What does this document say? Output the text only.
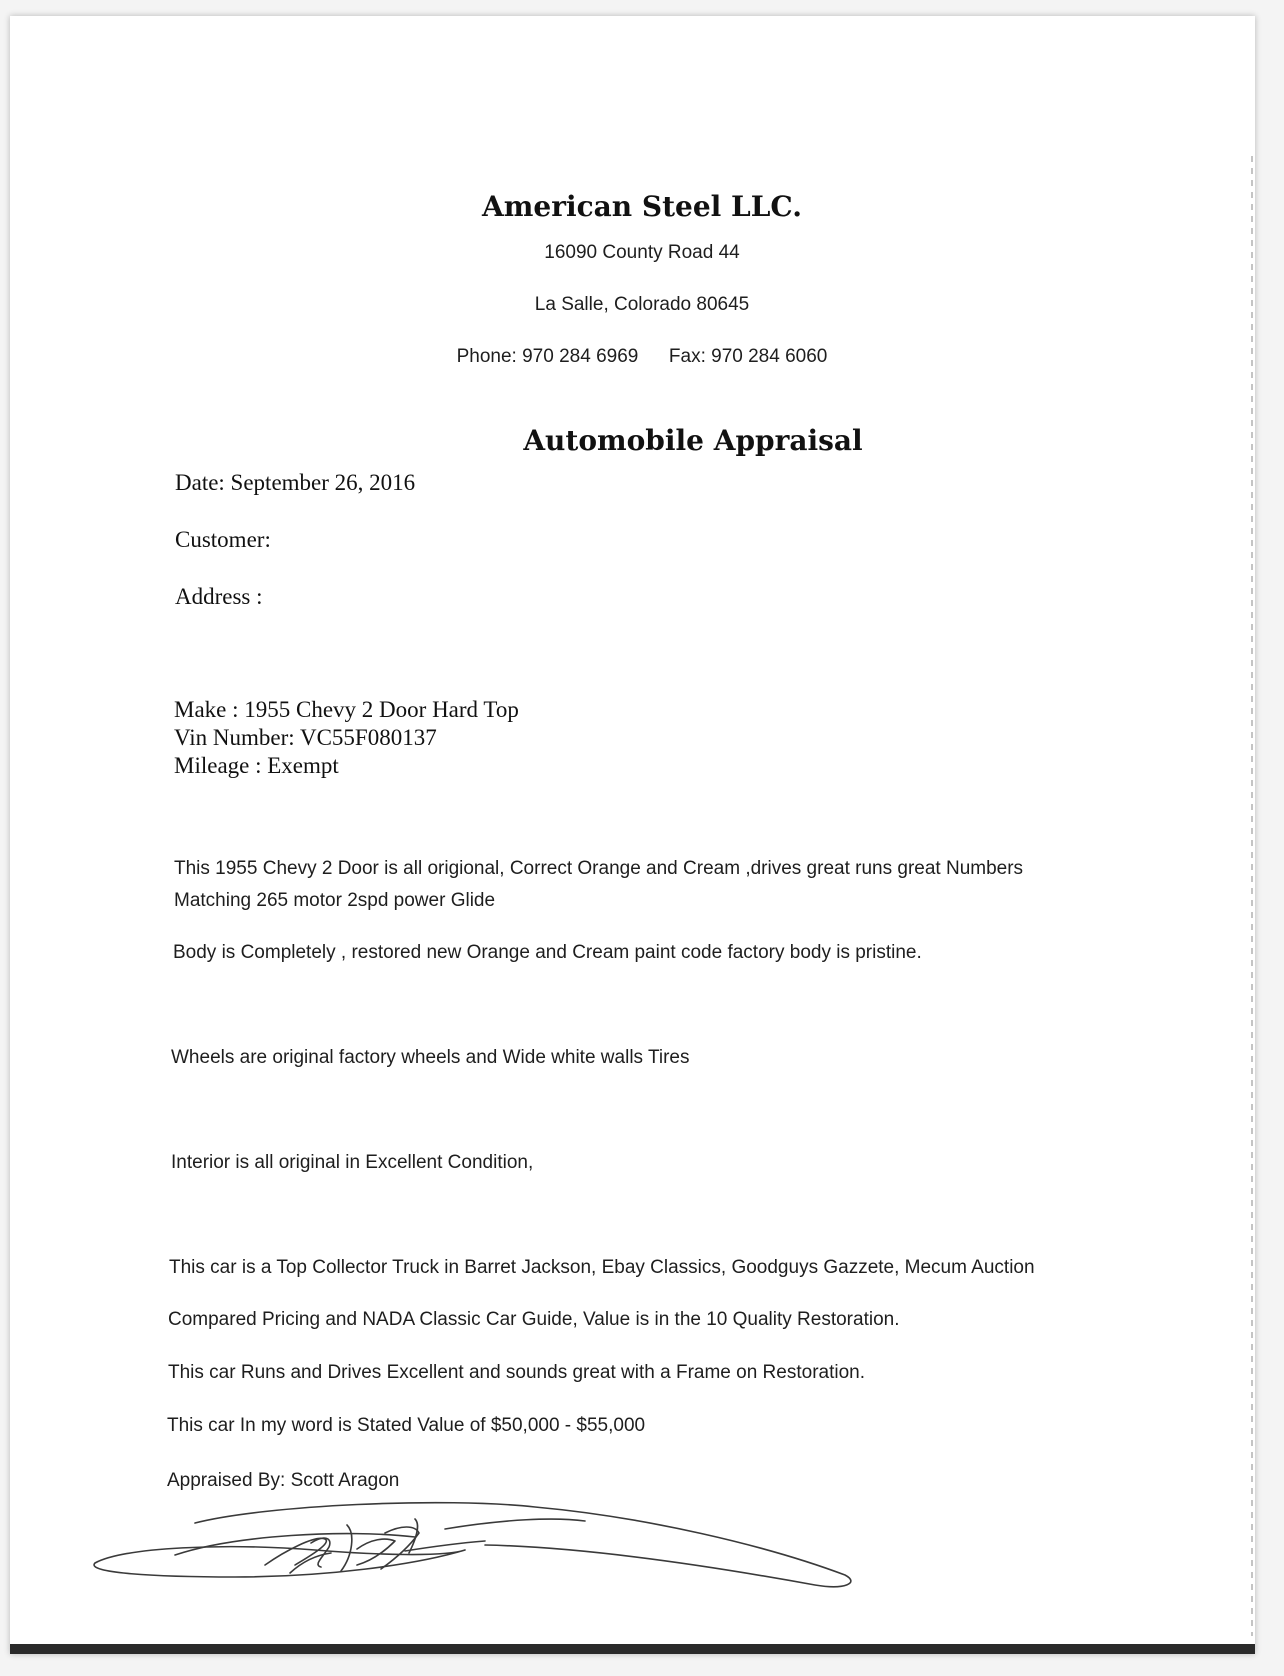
American Steel LLC.
16090 County Road 44
La Salle, Colorado 80645
Phone: 970 284 6969 Fax: 970 284 6060
Automobile Appraisal
Date: September 26, 2016
Customer:
Address :
Make : 1955 Chevy 2 Door Hard Top
Vin Number: VC55F080137
Mileage : Exempt
This 1955 Chevy 2 Door is all origional, Correct Orange and Cream ,drives great runs great Numbers
Matching 265 motor 2spd power Glide
Body is Completely , restored new Orange and Cream paint code factory body is pristine.
Wheels are original factory wheels and Wide white walls Tires
Interior is all original in Excellent Condition,
This car is a Top Collector Truck in Barret Jackson, Ebay Classics, Goodguys Gazzete, Mecum Auction
Compared Pricing and NADA Classic Car Guide, Value is in the 10 Quality Restoration.
This car Runs and Drives Excellent and sounds great with a Frame on Restoration.
This car In my word is Stated Value of $50,000 - $55,000
Appraised By: Scott Aragon
